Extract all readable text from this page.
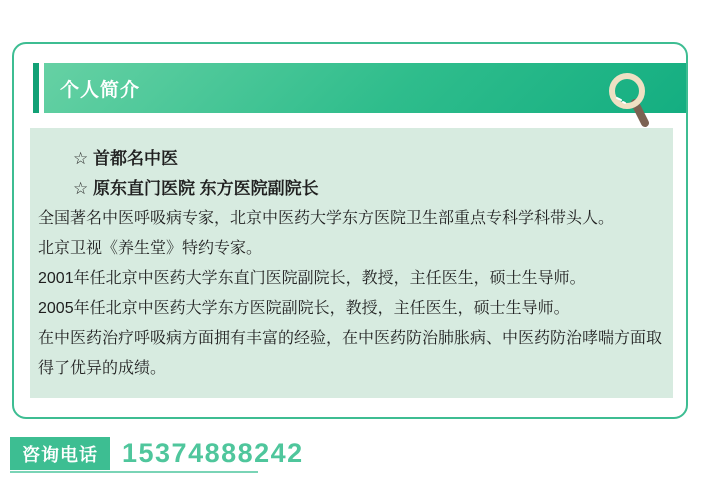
个人简介
☆ 首都名中医
☆ 原东直门医院 东方医院副院长

全国著名中医呼吸病专家，北京中医药大学东方医院卫生部重点专科学科带头人。

北京卫视《养生堂》特约专家。

2001年任北京中医药大学东直门医院副院长，教授，主任医生，硕士生导师。

2005年任北京中医药大学东方医院副院长，教授，主任医生，硕士生导师。

在中医药治疗呼吸病方面拥有丰富的经验，在中医药防治肺胀病、中医药防治哮喘方面取得了优异的成绩。

咨询电话 15374888242
